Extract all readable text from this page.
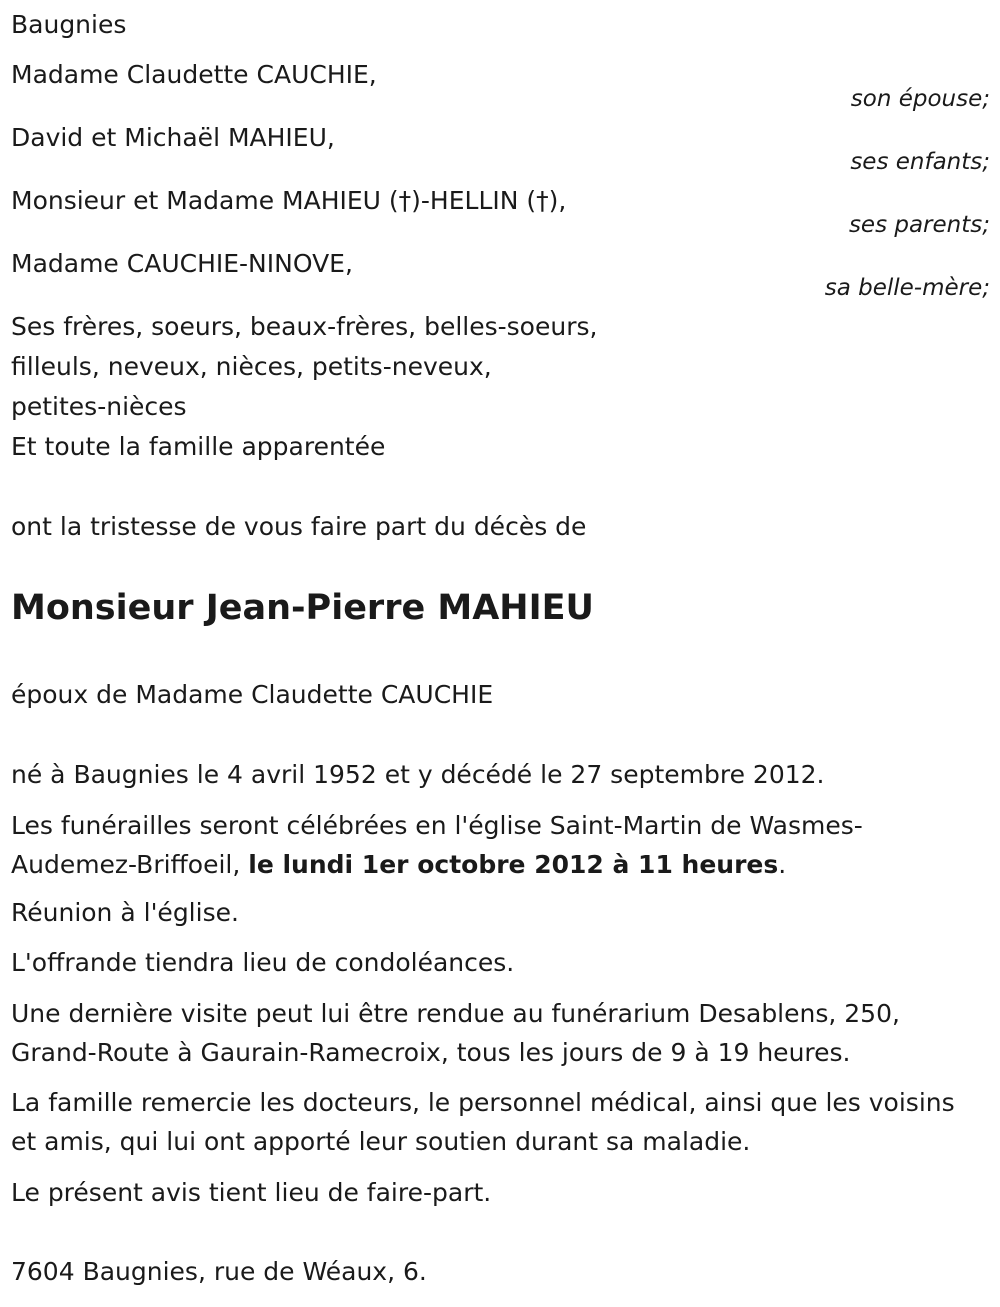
Baugnies
Madame Claudette CAUCHIE,
son épouse;
David et Michaël MAHIEU,
ses enfants;
Monsieur et Madame MAHIEU (†)-HELLIN (†),
ses parents;
Madame CAUCHIE-NINOVE,
sa belle-mère;
Ses frères, soeurs, beaux-frères, belles-soeurs,
filleuls, neveux, nièces, petits-neveux,
petites-nièces
Et toute la famille apparentée
ont la tristesse de vous faire part du décès de
Monsieur Jean-Pierre MAHIEU
époux de Madame Claudette CAUCHIE
né à Baugnies le 4 avril 1952 et y décédé le 27 septembre 2012.
Les funérailles seront célébrées en l'église Saint-Martin de Wasmes-Audemez-Briffoeil, le lundi 1er octobre 2012 à 11 heures.
Réunion à l'église.
L'offrande tiendra lieu de condoléances.
Une dernière visite peut lui être rendue au funérarium Desablens, 250, Grand-Route à Gaurain-Ramecroix, tous les jours de 9 à 19 heures.
La famille remercie les docteurs, le personnel médical, ainsi que les voisins et amis, qui lui ont apporté leur soutien durant sa maladie.
Le présent avis tient lieu de faire-part.
7604 Baugnies, rue de Wéaux, 6.
